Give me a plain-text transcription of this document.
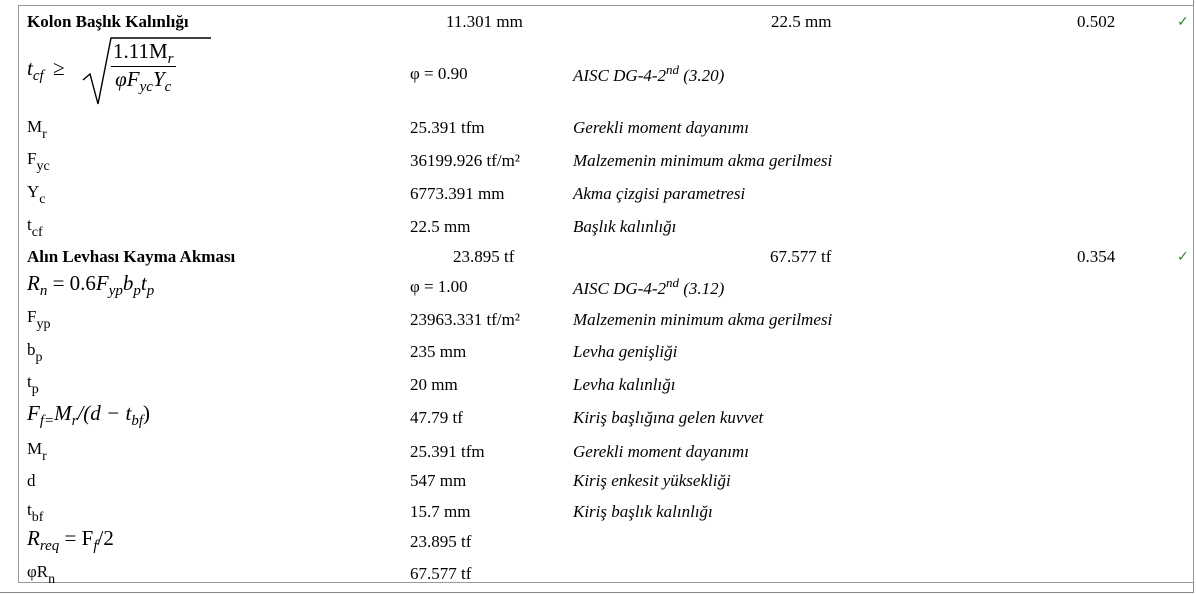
Kolon Başlık Kalınlığı	11.301 mm	22.5 mm	0.502	✓
$t_{cf}$ ≥
$1.11M_r$
$\varphi F_{yc}Y_c$
φ = 0.90	AISC DG-4-2nd (3.20)
$M_r$	25.391 tfm	Gerekli moment dayanımı
$F_{yc}$	36199.926 tf/m²	Malzemenin minimum akma gerilmesi
$Y_c$	6773.391 mm	Akma çizgisi parametresi
$t_{cf}$	22.5 mm	Başlık kalınlığı
Alın Levhası Kayma Akması	23.895 tf	67.577 tf	0.354	✓
$R_n = 0.6F_{yp}b_pt_p$	φ = 1.00	AISC DG-4-2nd (3.12)
$F_{yp}$	23963.331 tf/m²	Malzemenin minimum akma gerilmesi
$b_p$	235 mm	Levha genişliği
$t_p$	20 mm	Levha kalınlığı
$F_{f=}M_r/(d - t_{bf})$	47.79 tf	Kiriş başlığına gelen kuvvet
$M_r$	25.391 tfm	Gerekli moment dayanımı
d	547 mm	Kiriş enkesit yüksekliği
$t_{bf}$	15.7 mm	Kiriş başlık kalınlığı
$R_{req} = F_f/2$	23.895 tf
$\varphi R_n$	67.577 tf
